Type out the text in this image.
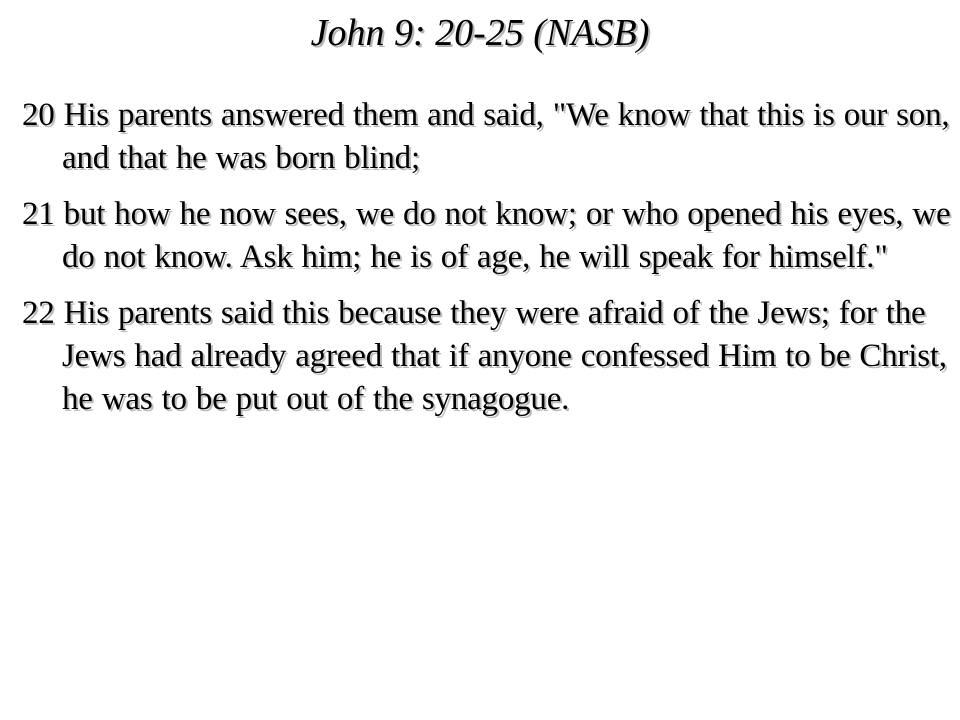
John 9: 20-25 (NASB)

20 His parents answered them and said, "We know that this is our son, and that he was born blind;

21 but how he now sees, we do not know; or who opened his eyes, we do not know. Ask him; he is of age, he will speak for himself."

22 His parents said this because they were afraid of the Jews; for the Jews had already agreed that if anyone confessed Him to be Christ, he was to be put out of the synagogue.
